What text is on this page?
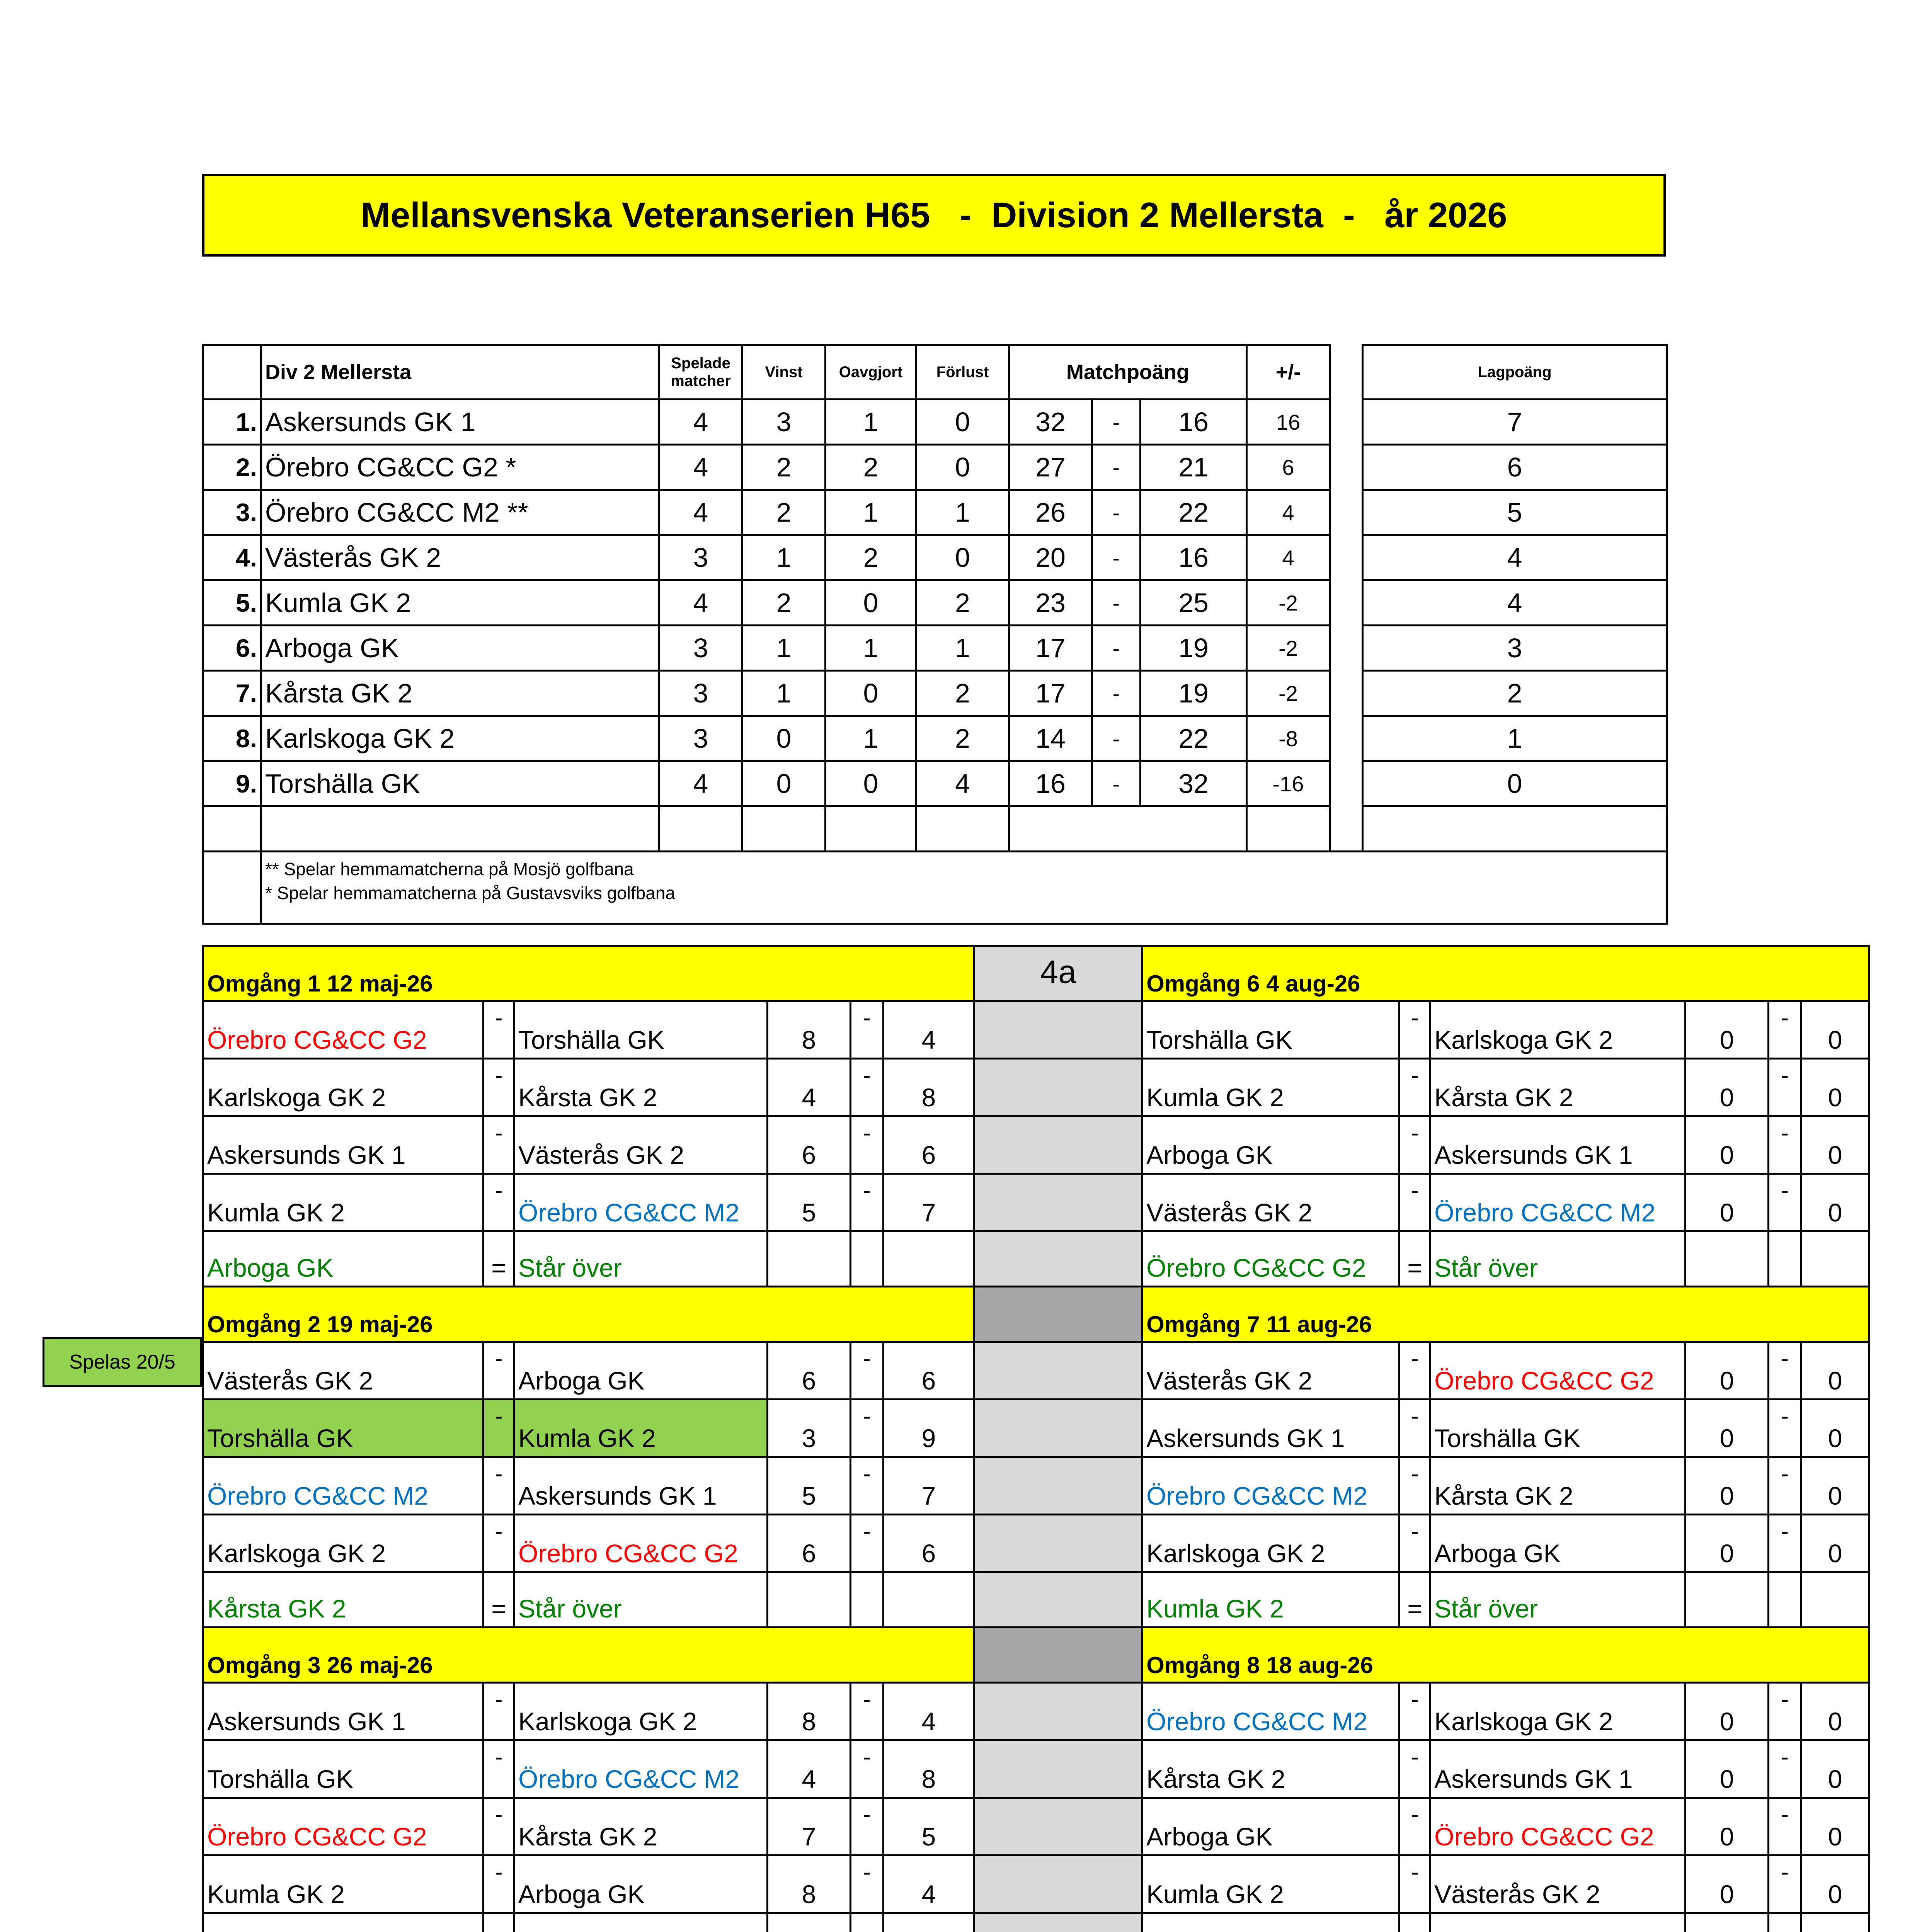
Mellansvenska Veteranserien H65   -  Division 2 Mellersta  -   år 2026
	Div 2 Mellersta	Spelade matcher	Vinst	Oavgjort	Förlust	Matchpoäng			+/-		Lagpoäng
1.	Askersunds GK 1	4	3	1	0	32	-	16	16		7
2.	Örebro CG&CC G2 *	4	2	2	0	27	-	21	6		6
3.	Örebro CG&CC M2 **	4	2	1	1	26	-	22	4		5
4.	Västerås GK 2	3	1	2	0	20	-	16	4		4
5.	Kumla GK 2	4	2	0	2	23	-	25	-2		4
6.	Arboga GK	3	1	1	1	17	-	19	-2		3
7.	Kårsta GK 2	3	1	0	2	17	-	19	-2		2
8.	Karlskoga GK 2	3	0	1	2	14	-	22	-8		1
9.	Torshälla GK	4	0	0	4	16	-	32	-16		0

	** Spelar hemmamatcherna på Mosjö golfbana
* Spelar hemmamatcherna på Gustavsviks golfbana										
Omgång 1 12 maj-26						4a	Omgång 6 4 aug-26					
Örebro CG&CC G2	-	Torshälla GK	8	-	4		Torshälla GK	-	Karlskoga GK 2	0	-	0
Karlskoga GK 2	-	Kårsta GK 2	4	-	8		Kumla GK 2	-	Kårsta GK 2	0	-	0
Askersunds GK 1	-	Västerås GK 2	6	-	6		Arboga GK	-	Askersunds GK 1	0	-	0
Kumla GK 2	-	Örebro CG&CC M2	5	-	7		Västerås GK 2	-	Örebro CG&CC M2	0	-	0
Arboga GK	=	Står över					Örebro CG&CC G2	=	Står över			
Omgång 2 19 maj-26							Omgång 7 11 aug-26					
Västerås GK 2	-	Arboga GK	6	-	6		Västerås GK 2	-	Örebro CG&CC G2	0	-	0
Torshälla GK	-	Kumla GK 2	3	-	9		Askersunds GK 1	-	Torshälla GK	0	-	0
Örebro CG&CC M2	-	Askersunds GK 1	5	-	7		Örebro CG&CC M2	-	Kårsta GK 2	0	-	0
Karlskoga GK 2	-	Örebro CG&CC G2	6	-	6		Karlskoga GK 2	-	Arboga GK	0	-	0
Kårsta GK 2	=	Står över					Kumla GK 2	=	Står över			
Omgång 3 26 maj-26							Omgång 8 18 aug-26					
Askersunds GK 1	-	Karlskoga GK 2	8	-	4		Örebro CG&CC M2	-	Karlskoga GK 2	0	-	0
Torshälla GK	-	Örebro CG&CC M2	4	-	8		Kårsta GK 2	-	Askersunds GK 1	0	-	0
Örebro CG&CC G2	-	Kårsta GK 2	7	-	5		Arboga GK	-	Örebro CG&CC G2	0	-	0
Kumla GK 2	-	Arboga GK	8	-	4		Kumla GK 2	-	Västerås GK 2	0	-	0

Spelas 20/5
